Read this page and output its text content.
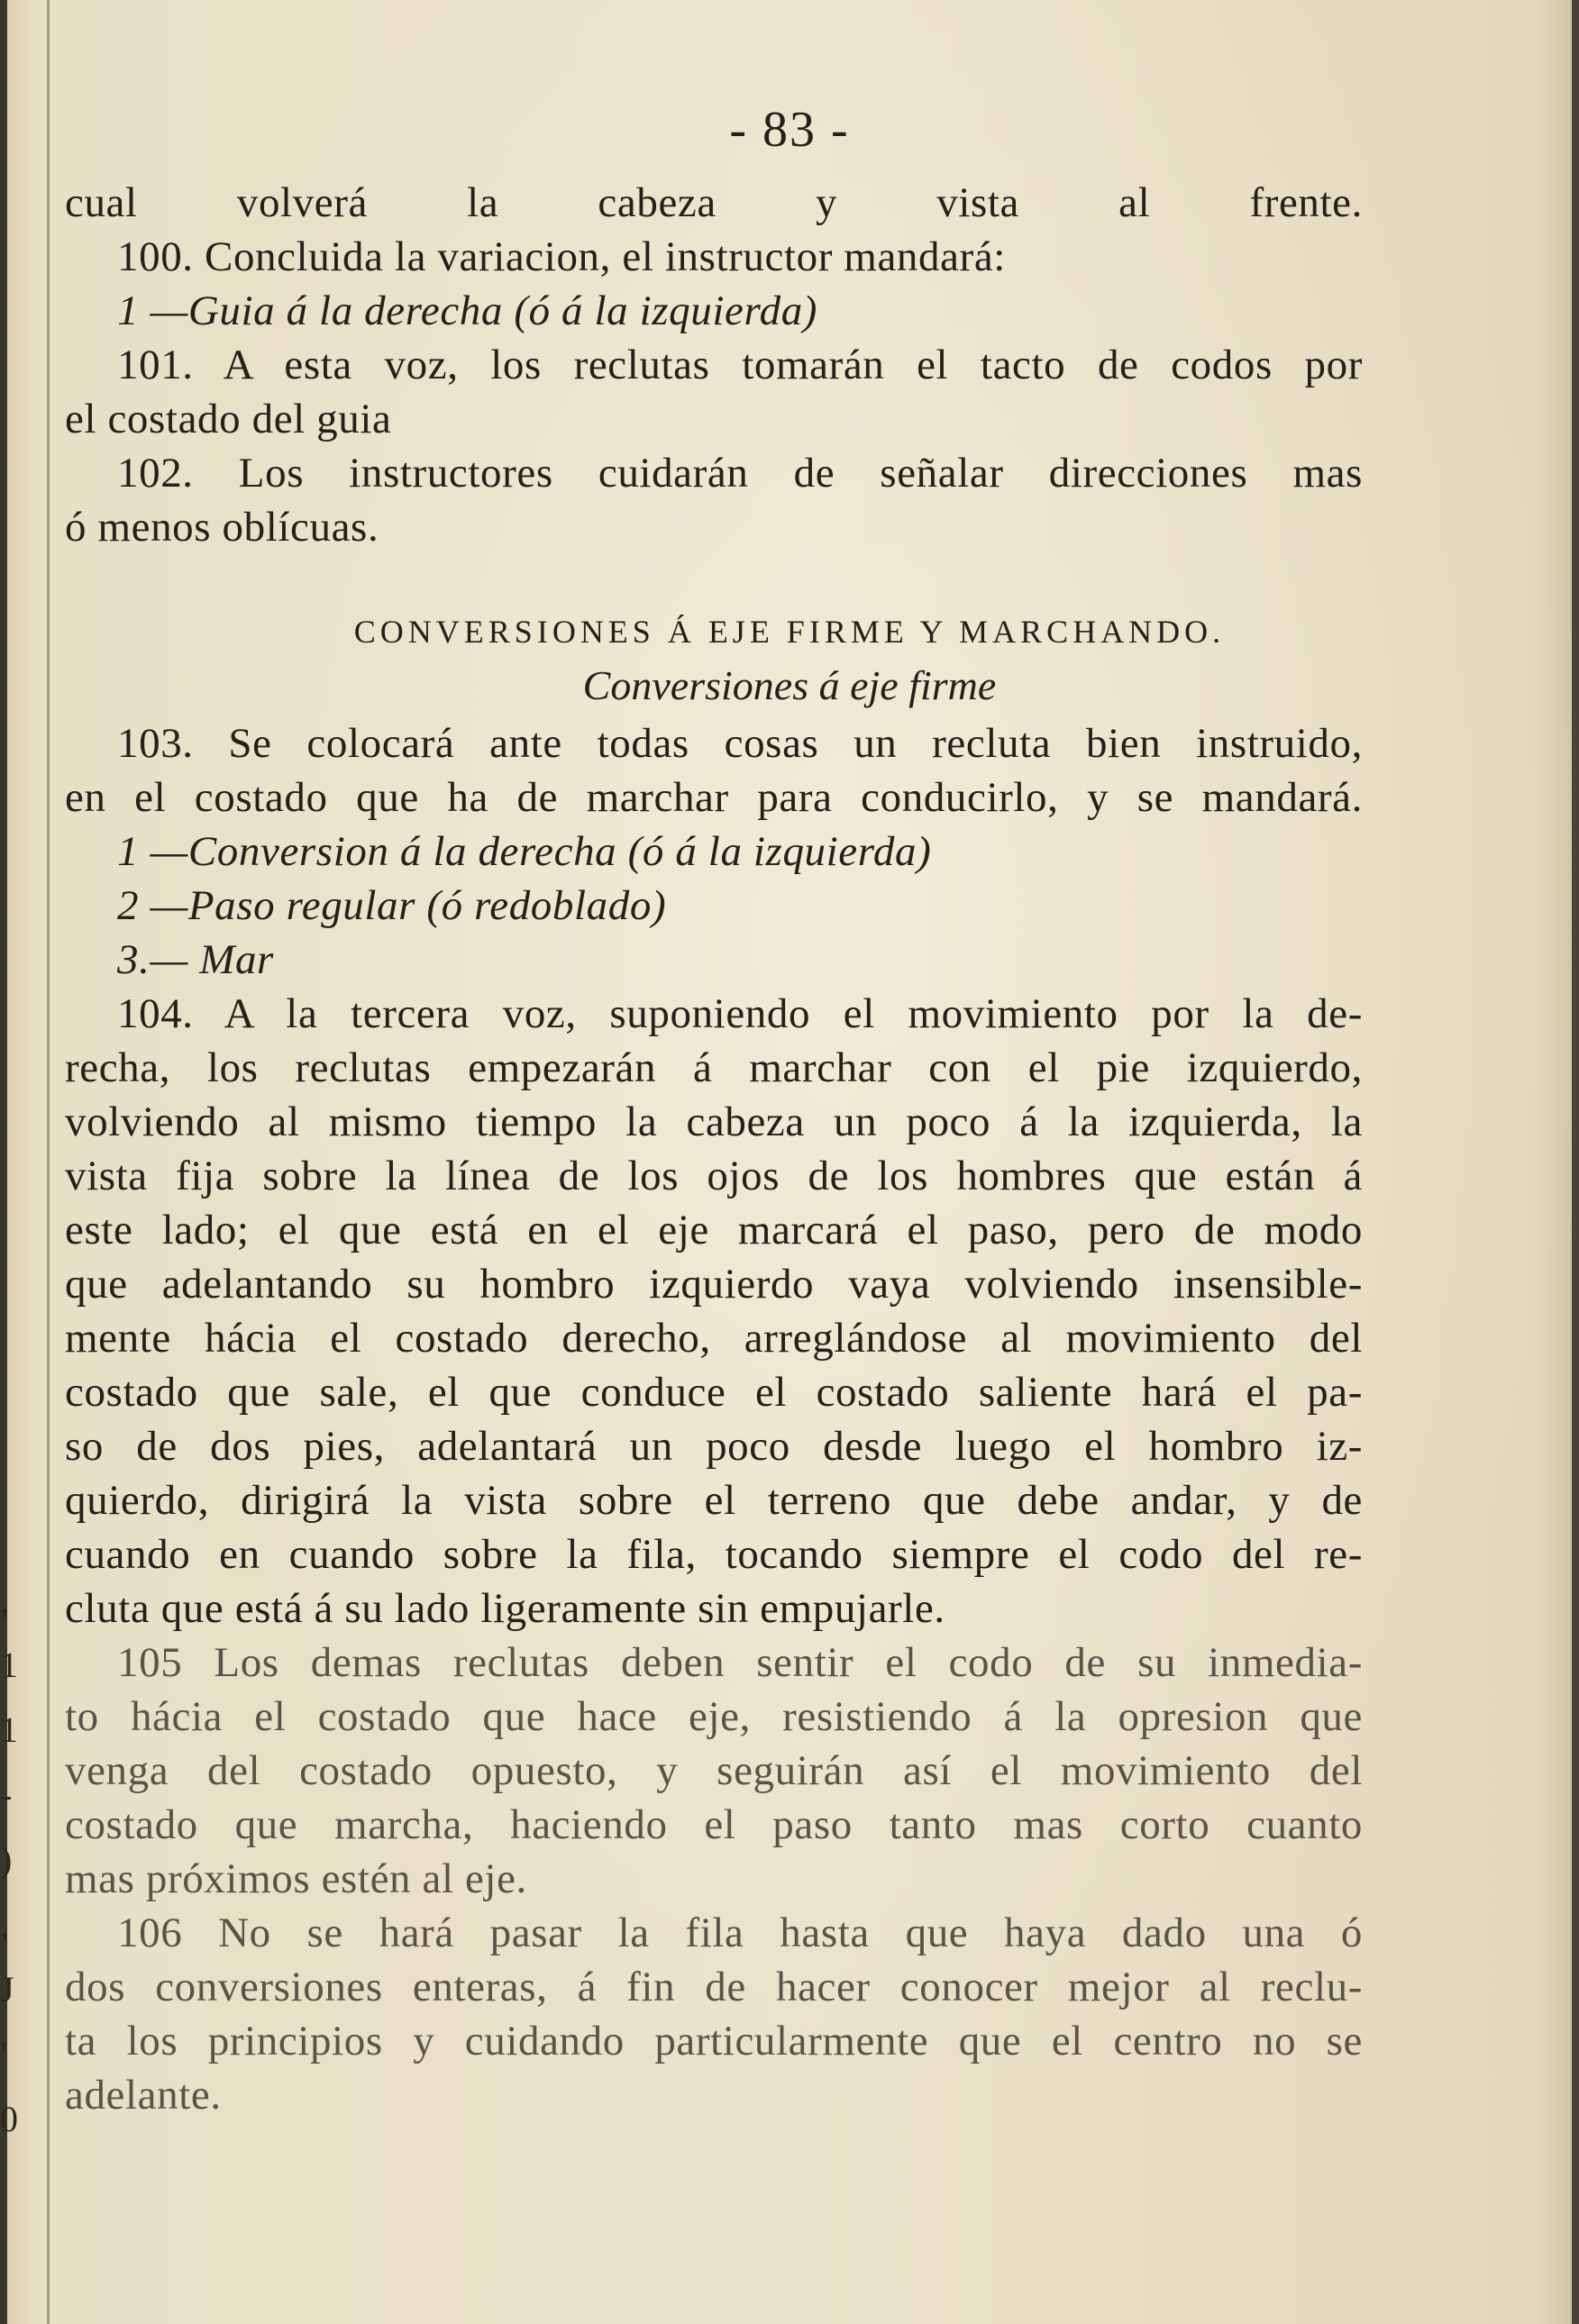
,
1
1
-
)
,
J
'
0
- 83 -
cual volverá la cabeza y vista al frente.
100. Concluida la variacion, el instructor mandará:
1 —Guia á la derecha (ó á la izquierda)
101. A esta voz, los reclutas tomarán el tacto de codos por
el costado del guia
102. Los instructores cuidarán de señalar direcciones mas
ó menos oblícuas.
CONVERSIONES Á EJE FIRME Y MARCHANDO.
Conversiones á eje firme
103. Se colocará ante todas cosas un recluta bien instruido,
en el costado que ha de marchar para conducirlo, y se mandará.
1 —Conversion á la derecha (ó á la izquierda)
2 —Paso regular (ó redoblado)
3.— Mar
104. A la tercera voz, suponiendo el movimiento por la de-
recha, los reclutas empezarán á marchar con el pie izquierdo,
volviendo al mismo tiempo la cabeza un poco á la izquierda, la
vista fija sobre la línea de los ojos de los hombres que están á
este lado; el que está en el eje marcará el paso, pero de modo
que adelantando su hombro izquierdo vaya volviendo insensible-
mente hácia el costado derecho, arreglándose al movimiento del
costado que sale, el que conduce el costado saliente hará el pa-
so de dos pies, adelantará un poco desde luego el hombro iz-
quierdo, dirigirá la vista sobre el terreno que debe andar, y de
cuando en cuando sobre la fila, tocando siempre el codo del re-
cluta que está á su lado ligeramente sin empujarle.
105 Los demas reclutas deben sentir el codo de su inmedia-
to hácia el costado que hace eje, resistiendo á la opresion que
venga del costado opuesto, y seguirán así el movimiento del
costado que marcha, haciendo el paso tanto mas corto cuanto
mas próximos estén al eje.
106 No se hará pasar la fila hasta que haya dado una ó
dos conversiones enteras, á fin de hacer conocer mejor al reclu-
ta los principios y cuidando particularmente que el centro no se
adelante.
